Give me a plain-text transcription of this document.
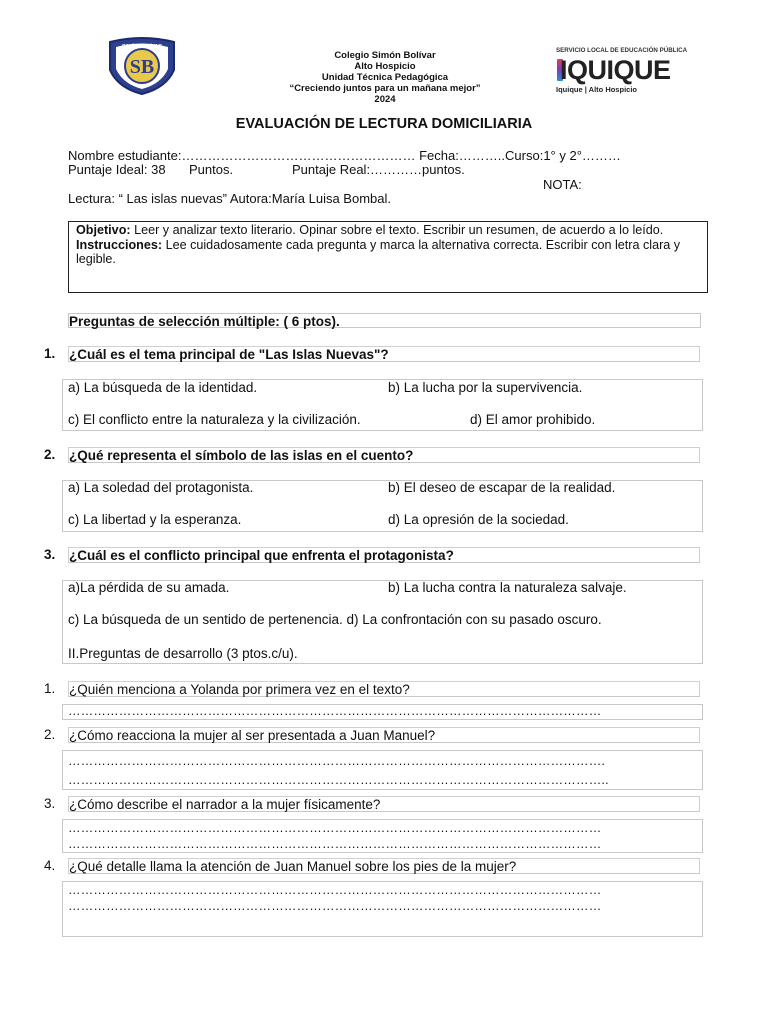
SB
SIMÓN BOLÍVAR
Colegio Simón Bolívar
Alto Hospicio
Unidad Técnica Pedagógica
“Creciendo juntos para un mañana mejor”
2024
SERVICIO LOCAL DE EDUCACIÓN PÚBLICA
IQUIQUE
Iquique | Alto Hospicio
EVALUACIÓN DE LECTURA DOMICILIARIA
Nombre estudiante:……………………………………………… Fecha:………..Curso:1° y 2°………
Puntaje Ideal: 38 Puntos.	Puntaje Real:…………puntos.
NOTA:
Lectura: “ Las islas nuevas” Autora:María Luisa Bombal.
Objetivo: Leer y analizar texto literario. Opinar sobre el texto. Escribir un resumen, de acuerdo a lo leído.
Instrucciones: Lee cuidadosamente cada pregunta y marca la alternativa correcta. Escribir con letra clara y legible.
Preguntas de selección múltiple: ( 6 ptos).
1. ¿Cuál es el tema principal de "Las Islas Nuevas"?
a) La búsqueda de la identidad.	b) La lucha por la supervivencia.
c) El conflicto entre la naturaleza y la civilización.	d) El amor prohibido.
2. ¿Qué representa el símbolo de las islas en el cuento?
a) La soledad del protagonista.	b) El deseo de escapar de la realidad.
c) La libertad y la esperanza.	d) La opresión de la sociedad.
3. ¿Cuál es el conflicto principal que enfrenta el protagonista?
a)La pérdida de su amada.	b) La lucha contra la naturaleza salvaje.
c) La búsqueda de un sentido de pertenencia. d) La confrontación con su pasado oscuro.
II.Preguntas de desarrollo (3 ptos.c/u).
1. ¿Quién menciona a Yolanda por primera vez en el texto?
………………………………………………………………………………………………………………
2. ¿Cómo reacciona la mujer al ser presentada a Juan Manuel?
……………………………………………………………………………………………………………….
………………………………………………………………………………………………………………..
3. ¿Cómo describe el narrador a la mujer físicamente?
………………………………………………………………………………………………………………
………………………………………………………………………………………………………………
4. ¿Qué detalle llama la atención de Juan Manuel sobre los pies de la mujer?
………………………………………………………………………………………………………………
………………………………………………………………………………………………………………
